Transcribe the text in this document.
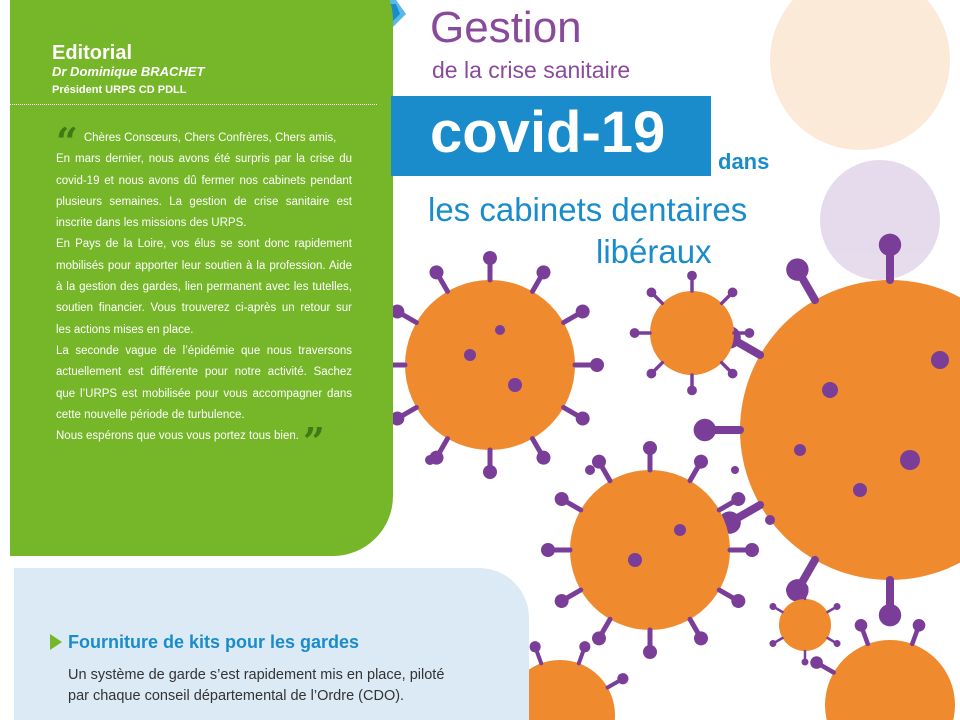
Editorial
Dr Dominique BRACHET
Président URPS CD PDLL

“ Chères Consœurs, Chers Confrères, Chers amis,

En mars dernier, nous avons été surpris par la crise du covid-19 et nous avons dû fermer nos cabinets pendant plusieurs semaines. La gestion de crise sanitaire est inscrite dans les missions des URPS.

En Pays de la Loire, vos élus se sont donc rapidement mobilisés pour apporter leur soutien à la profession. Aide à la gestion des gardes, lien permanent avec les tutelles, soutien financier. Vous trouverez ci-après un retour sur les actions mises en place.

La seconde vague de l’épidémie que nous traversons actuellement est différente pour notre activité. Sachez que l’URPS est mobilisée pour vous accompagner dans cette nouvelle période de turbulence.

Nous espérons que vous vous portez tous bien. ”

Gestion
de la crise sanitaire
covid-19 dans
les cabinets dentaires
libéraux
Fourniture de kits pour les gardes
Un système de garde s’est rapidement mis en place, piloté par chaque conseil départemental de l’Ordre (CDO).
